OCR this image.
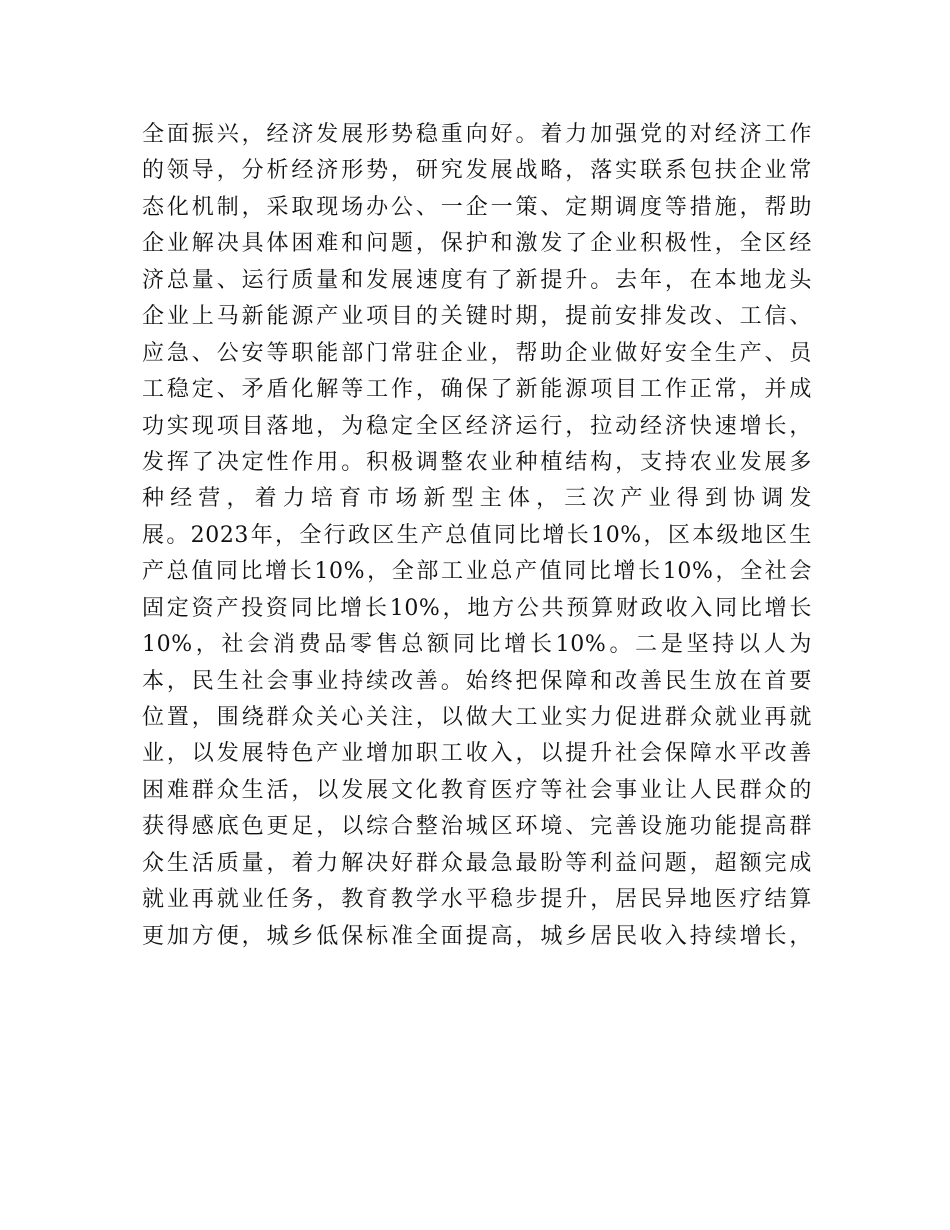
全面振兴，经济发展形势稳重向好。着力加强党的对经济工作
的领导，分析经济形势，研究发展战略，落实联系包扶企业常
态化机制，采取现场办公、一企一策、定期调度等措施，帮助
企业解决具体困难和问题，保护和激发了企业积极性，全区经
济总量、运行质量和发展速度有了新提升。去年，在本地龙头
企业上马新能源产业项目的关键时期，提前安排发改、工信、
应急、公安等职能部门常驻企业，帮助企业做好安全生产、员
工稳定、矛盾化解等工作，确保了新能源项目工作正常，并成
功实现项目落地，为稳定全区经济运行，拉动经济快速增长，
发挥了决定性作用。积极调整农业种植结构，支持农业发展多
种经营，着力培育市场新型主体，三次产业得到协调发
展。2023年，全行政区生产总值同比增长10%，区本级地区生
产总值同比增长10%，全部工业总产值同比增长10%，全社会
固定资产投资同比增长10%，地方公共预算财政收入同比增长
10%，社会消费品零售总额同比增长10%。二是坚持以人为
本，民生社会事业持续改善。始终把保障和改善民生放在首要
位置，围绕群众关心关注，以做大工业实力促进群众就业再就
业，以发展特色产业增加职工收入，以提升社会保障水平改善
困难群众生活，以发展文化教育医疗等社会事业让人民群众的
获得感底色更足，以综合整治城区环境、完善设施功能提高群
众生活质量，着力解决好群众最急最盼等利益问题，超额完成
就业再就业任务，教育教学水平稳步提升，居民异地医疗结算
更加方便，城乡低保标准全面提高，城乡居民收入持续增长，
